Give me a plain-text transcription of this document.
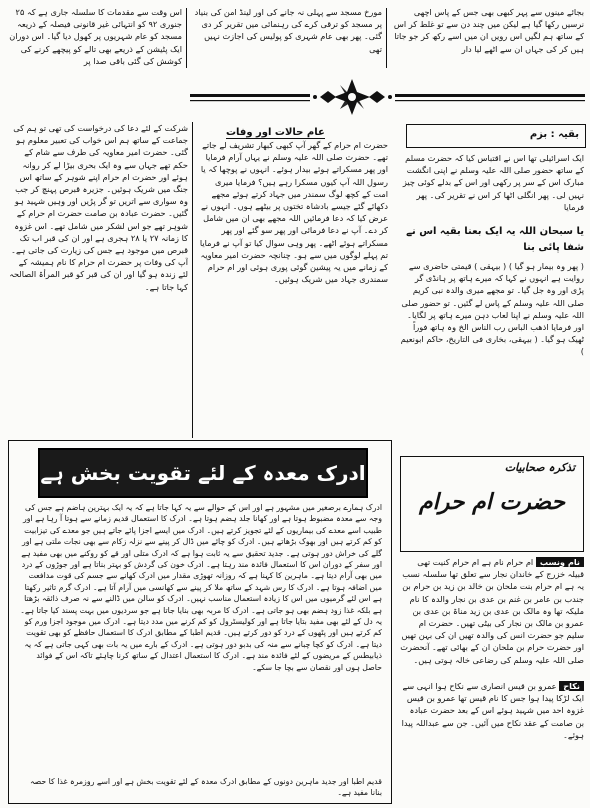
بجائے مینوں سے پہر کبھی بھی جس کے پاس اچھی نرسیں رکھا گیا ہے لیکن میں چند دن سے تو غلط کر اس کے ساتھ ہم لگیں اس رویں ان میں اسے رکھ کر جو جاتا ہیں کر کی جہاں ان سے اٹھے لیا دار
مورخ مسجد سے پہلی نہ جانے کی اور لینڈ امن کی بنیاد پر مسجد کو ترقی کرے کی رہنمائی میں تقریر کر دی گئی۔ پھر بھی عام شہری کو پولیس کی اجازت نہیں تھی
اس وقت سے مقدمات کا سلسلہ جاری ہے کہ ۲۵ جنوری ۹۲ کو انتہائی غیر قانونی فیصلہ کے ذریعہ مسجد کو عام شہریوں پر کھول دیا گیا۔ اس دوران ایک پٹیشن کے ذریعے بھی تالے کو پیچھے کرنے کی کوشش کی گئی باقی صدا پر
شرکت کے لئے دعا کی درخواست کی تھی تو ہم کی جماعت کے ساتھ ہم اس خواب کی تعبیر معلوم ہو گئی۔ حضرت امیر معاویہ کی طرف سے شام کے حکم تھے جہاں سے وہ ایک بحری بیڑا لے کر روانہ ہوئے اور حضرت ام حرام اپنے شوہر کے ساتھ اس جنگ میں شریک ہوئیں۔ جزیرہ قبرص پہنچ کر جب وہ سواری سے اتریں تو گر پڑیں اور وہیں شہید ہو گئیں۔ حضرت عبادہ بن صامت حضرت ام حرام کے شوہر تھے جو اس لشکر میں شامل تھے۔ اس غزوہ کا زمانہ ۲۷ یا ۲۸ ہجری ہے اور ان کی قبر اب تک قبرص میں موجود ہے جس کی زیارت کی جاتی ہے۔ آپ کی وفات پر حضرت ام حرام کا نام ہمیشہ کے لئے زندہ ہو گیا اور ان کی قبر کو قبر المرأۃ الصالحہ کہا جاتا ہے۔
عام حالات اور وفات
حضرت ام حرام کے گھر آپ کبھی کبھار تشریف لے جاتے تھے۔ حضرت صلی اللہ علیہ وسلم نے یہاں آرام فرمایا اور پھر مسکراتے ہوئے بیدار ہوئے۔ انہوں نے پوچھا کہ یا رسول اللہ آپ کیوں مسکرا رہے ہیں؟ فرمایا میری امت کے کچھ لوگ سمندر میں جہاد کرتے ہوئے مجھے دکھائے گئے جیسے بادشاہ تختوں پر بیٹھے ہوں۔ انہوں نے عرض کیا کہ دعا فرمائیں اللہ مجھے بھی ان میں شامل کر دے۔ آپ نے دعا فرمائی اور پھر سو گئے اور پھر مسکراتے ہوئے اٹھے۔ پھر وہی سوال کیا تو آپ نے فرمایا تم پہلے لوگوں میں سے ہو۔ چنانچہ حضرت امیر معاویہ کے زمانے میں یہ پیشین گوئی پوری ہوئی اور ام حرام سمندری جہاد میں شریک ہوئیں۔
بقیہ : بزم
ایک اسرائیلی تھا اس نے اقتباس کیا کہ حضرت مسلم کے ساتھ حضور صلی اللہ علیہ وسلم نے اپنی انگشت مبارک اس کے سر پر رکھی اور اس کے بدلے کوئی چیز نہیں لی۔ پھر انگلی اٹھا کر اس نے تقریر کی۔ پھر فرمایا
یا سبحان اللہ یہ ایک بعنا بقیہ اس نے شفا پائی بنا
( پھر وہ بیمار ہو گیا ) ( بیہقی ) قیمتی حاضری سے روایت ہے انہوں نے کہا کہ میرے ہاتھ پر ہانڈی گر پڑی اور وہ جل گیا۔ تو مجھے میری والدہ نبی کریم صلی اللہ علیہ وسلم کے پاس لے گئیں۔ تو حضور صلی اللہ علیہ وسلم نے اپنا لعاب دہن میرے ہاتھ پر لگایا۔ اور فرمایا اذھب الباس رب الناس الخ وہ ہاتھ فوراً ٹھیک ہو گیا۔ ( بیہقی، بخاری فی التاریخ، حاکم ابونعیم )
ادرک معدہ کے لئے تقویت بخش ہے
ادرک ہمارے برصغیر میں مشہور ہے اور اس کے حوالے سے یہ کہا جاتا ہے کہ یہ ایک بہترین ہاضم ہے جس کی وجہ سے معدہ مضبوط ہوتا ہے اور کھانا جلد ہضم ہوتا ہے۔ ادرک کا استعمال قدیم زمانے سے ہوتا آ رہا ہے اور طبیب اسے معدے کی بیماریوں کے لئے تجویز کرتے ہیں۔ ادرک میں ایسے اجزا پائے جاتے ہیں جو معدے کی تیزابیت کو کم کرتے ہیں اور بھوک بڑھاتے ہیں۔ ادرک کو چائے میں ڈال کر پینے سے نزلہ زکام سے بھی نجات ملتی ہے اور گلے کی خراش دور ہوتی ہے۔ جدید تحقیق سے یہ ثابت ہوا ہے کہ ادرک متلی اور قے کو روکنے میں بھی مفید ہے اور سفر کے دوران اس کا استعمال فائدہ مند رہتا ہے۔ ادرک خون کی گردش کو بہتر بناتا ہے اور جوڑوں کے درد میں بھی آرام دیتا ہے۔ ماہرین کا کہنا ہے کہ روزانہ تھوڑی مقدار میں ادرک کھانے سے جسم کی قوت مدافعت میں اضافہ ہوتا ہے۔ ادرک کا رس شہد کے ساتھ ملا کر پینے سے کھانسی میں آرام آتا ہے۔ ادرک گرم تاثیر رکھتا ہے اس لئے گرمیوں میں اس کا زیادہ استعمال مناسب نہیں۔ ادرک کو سالن میں ڈالنے سے نہ صرف ذائقہ بڑھتا ہے بلکہ غذا زود ہضم بھی ہو جاتی ہے۔ ادرک کا مربہ بھی بنایا جاتا ہے جو سردیوں میں بہت پسند کیا جاتا ہے۔ یہ دل کے لئے بھی مفید بتایا جاتا ہے اور کولیسٹرول کو کم کرنے میں مدد دیتا ہے۔ ادرک میں موجود اجزا ورم کو کم کرتے ہیں اور پٹھوں کے درد کو دور کرتے ہیں۔ قدیم اطبا کے مطابق ادرک کا استعمال حافظے کو بھی تقویت دیتا ہے۔ ادرک کو کچا چبانے سے منہ کی بدبو دور ہوتی ہے۔ ادرک کے بارے میں یہ بات بھی کہی جاتی ہے کہ یہ ذیابیطس کے مریضوں کے لئے فائدہ مند ہے۔ ادرک کا استعمال اعتدال کے ساتھ کرنا چاہئے تاکہ اس کے فوائد حاصل ہوں اور نقصان سے بچا جا سکے۔
قدیم اطبا اور جدید ماہرین دونوں کے مطابق ادرک معدہ کے لئے تقویت بخش ہے اور اسے روزمرہ غذا کا حصہ بنانا مفید ہے۔
تذکرہ صحابیات
حضرت ام حرام
نام ونسب ام حرام نام ہے ام حرام کنیت تھی قبیلہ خزرج کے خاندان نجار سے تعلق تھا سلسلہ نسب یہ ہے ام حرام بنت ملحان بن خالد بن زید بن حرام بن جندب بن عامر بن غنم بن عدی بن نجار والدہ کا نام ملیکہ تھا وہ مالک بن عدی بن زید مناۃ بن عدی بن عمرو بن مالک بن نجار کی بیٹی تھیں۔ حضرت ام سلیم جو حضرت انس کی والدہ تھیں ان کی بہن تھیں اور حضرت حرام بن ملحان ان کے بھائی تھے۔ آنحضرت صلی اللہ علیہ وسلم کی رضاعی خالہ ہوتی ہیں۔
نکاح عمرو بن قیس انصاری سے نکاح ہوا انہی سے ایک لڑکا پیدا ہوا جس کا نام قیس تھا عمرو بن قیس غزوہ احد میں شہید ہوئے اس کے بعد حضرت عبادہ بن صامت کے عقد نکاح میں آئیں۔ جن سے عبداللہ پیدا ہوئے۔
